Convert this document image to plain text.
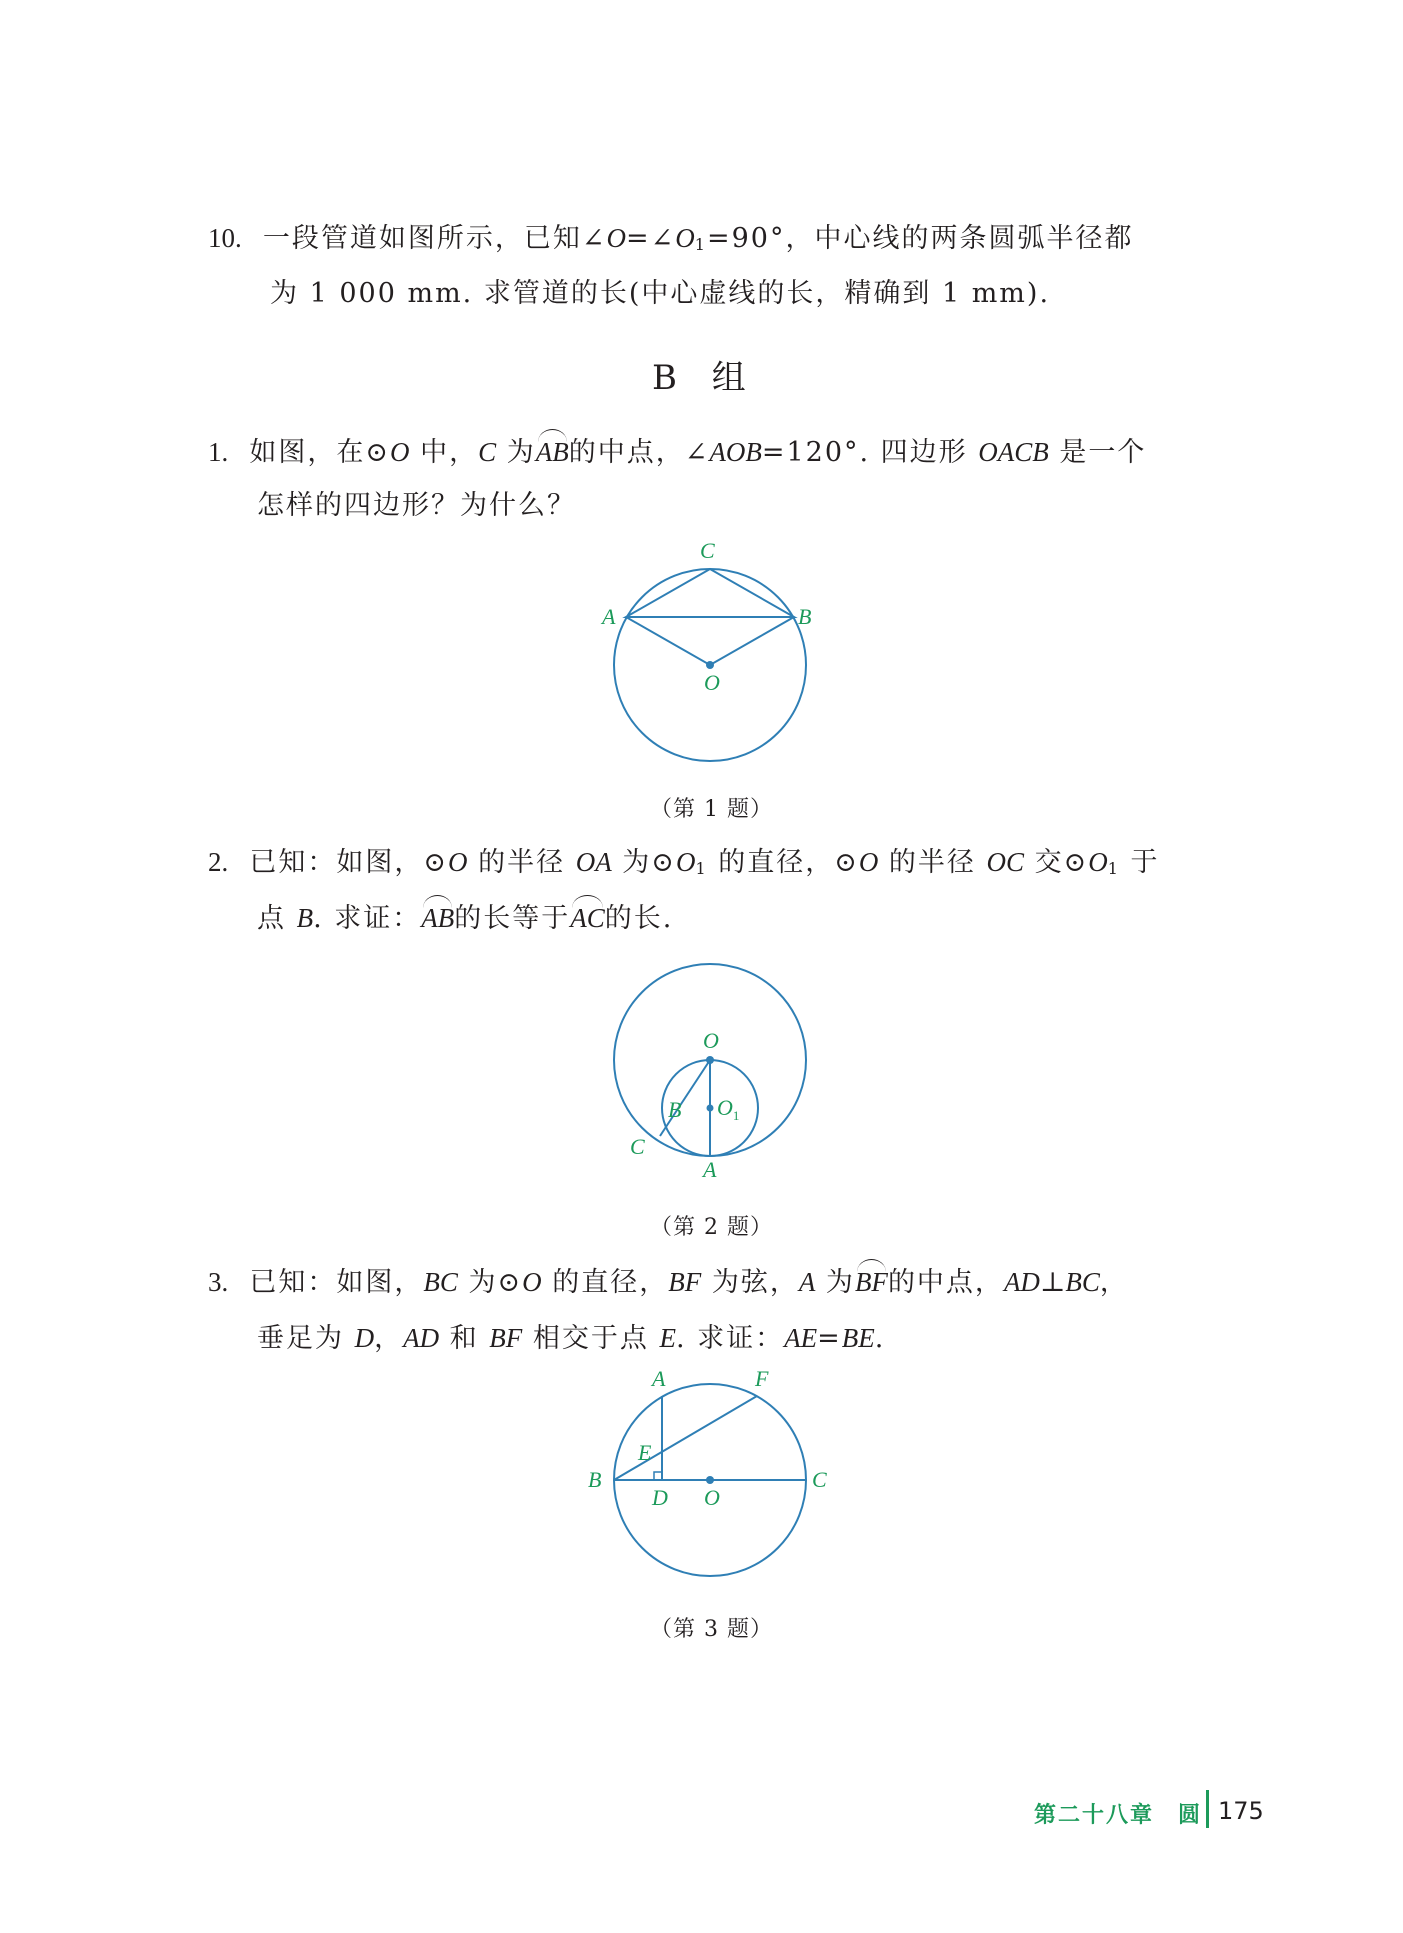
10. 一段管道如图所示，已知∠O=∠O1=90°，中心线的两条圆弧半径都
为 1 000 mm. 求管道的长(中心虚线的长，精确到 1 mm).
B 组
1. 如图，在⊙O 中，C 为AB的中点，∠AOB=120°. 四边形 OACB 是一个
怎样的四边形？为什么？
C
A	B
O
（第 1 题）
2. 已知：如图，⊙O 的半径 OA 为⊙O1 的直径，⊙O 的半径 OC 交⊙O1 于
点 B. 求证：AB的长等于AC的长.
O
B $O_1$
C
A
（第 2 题）
3. 已知：如图，BC 为⊙O 的直径，BF 为弦，A 为BF的中点，AD⊥BC，
垂足为 D，AD 和 BF 相交于点 E. 求证：AE=BE.
A	F
E
B
D O
C
（第 3 题）
第二十八章　圆 175
